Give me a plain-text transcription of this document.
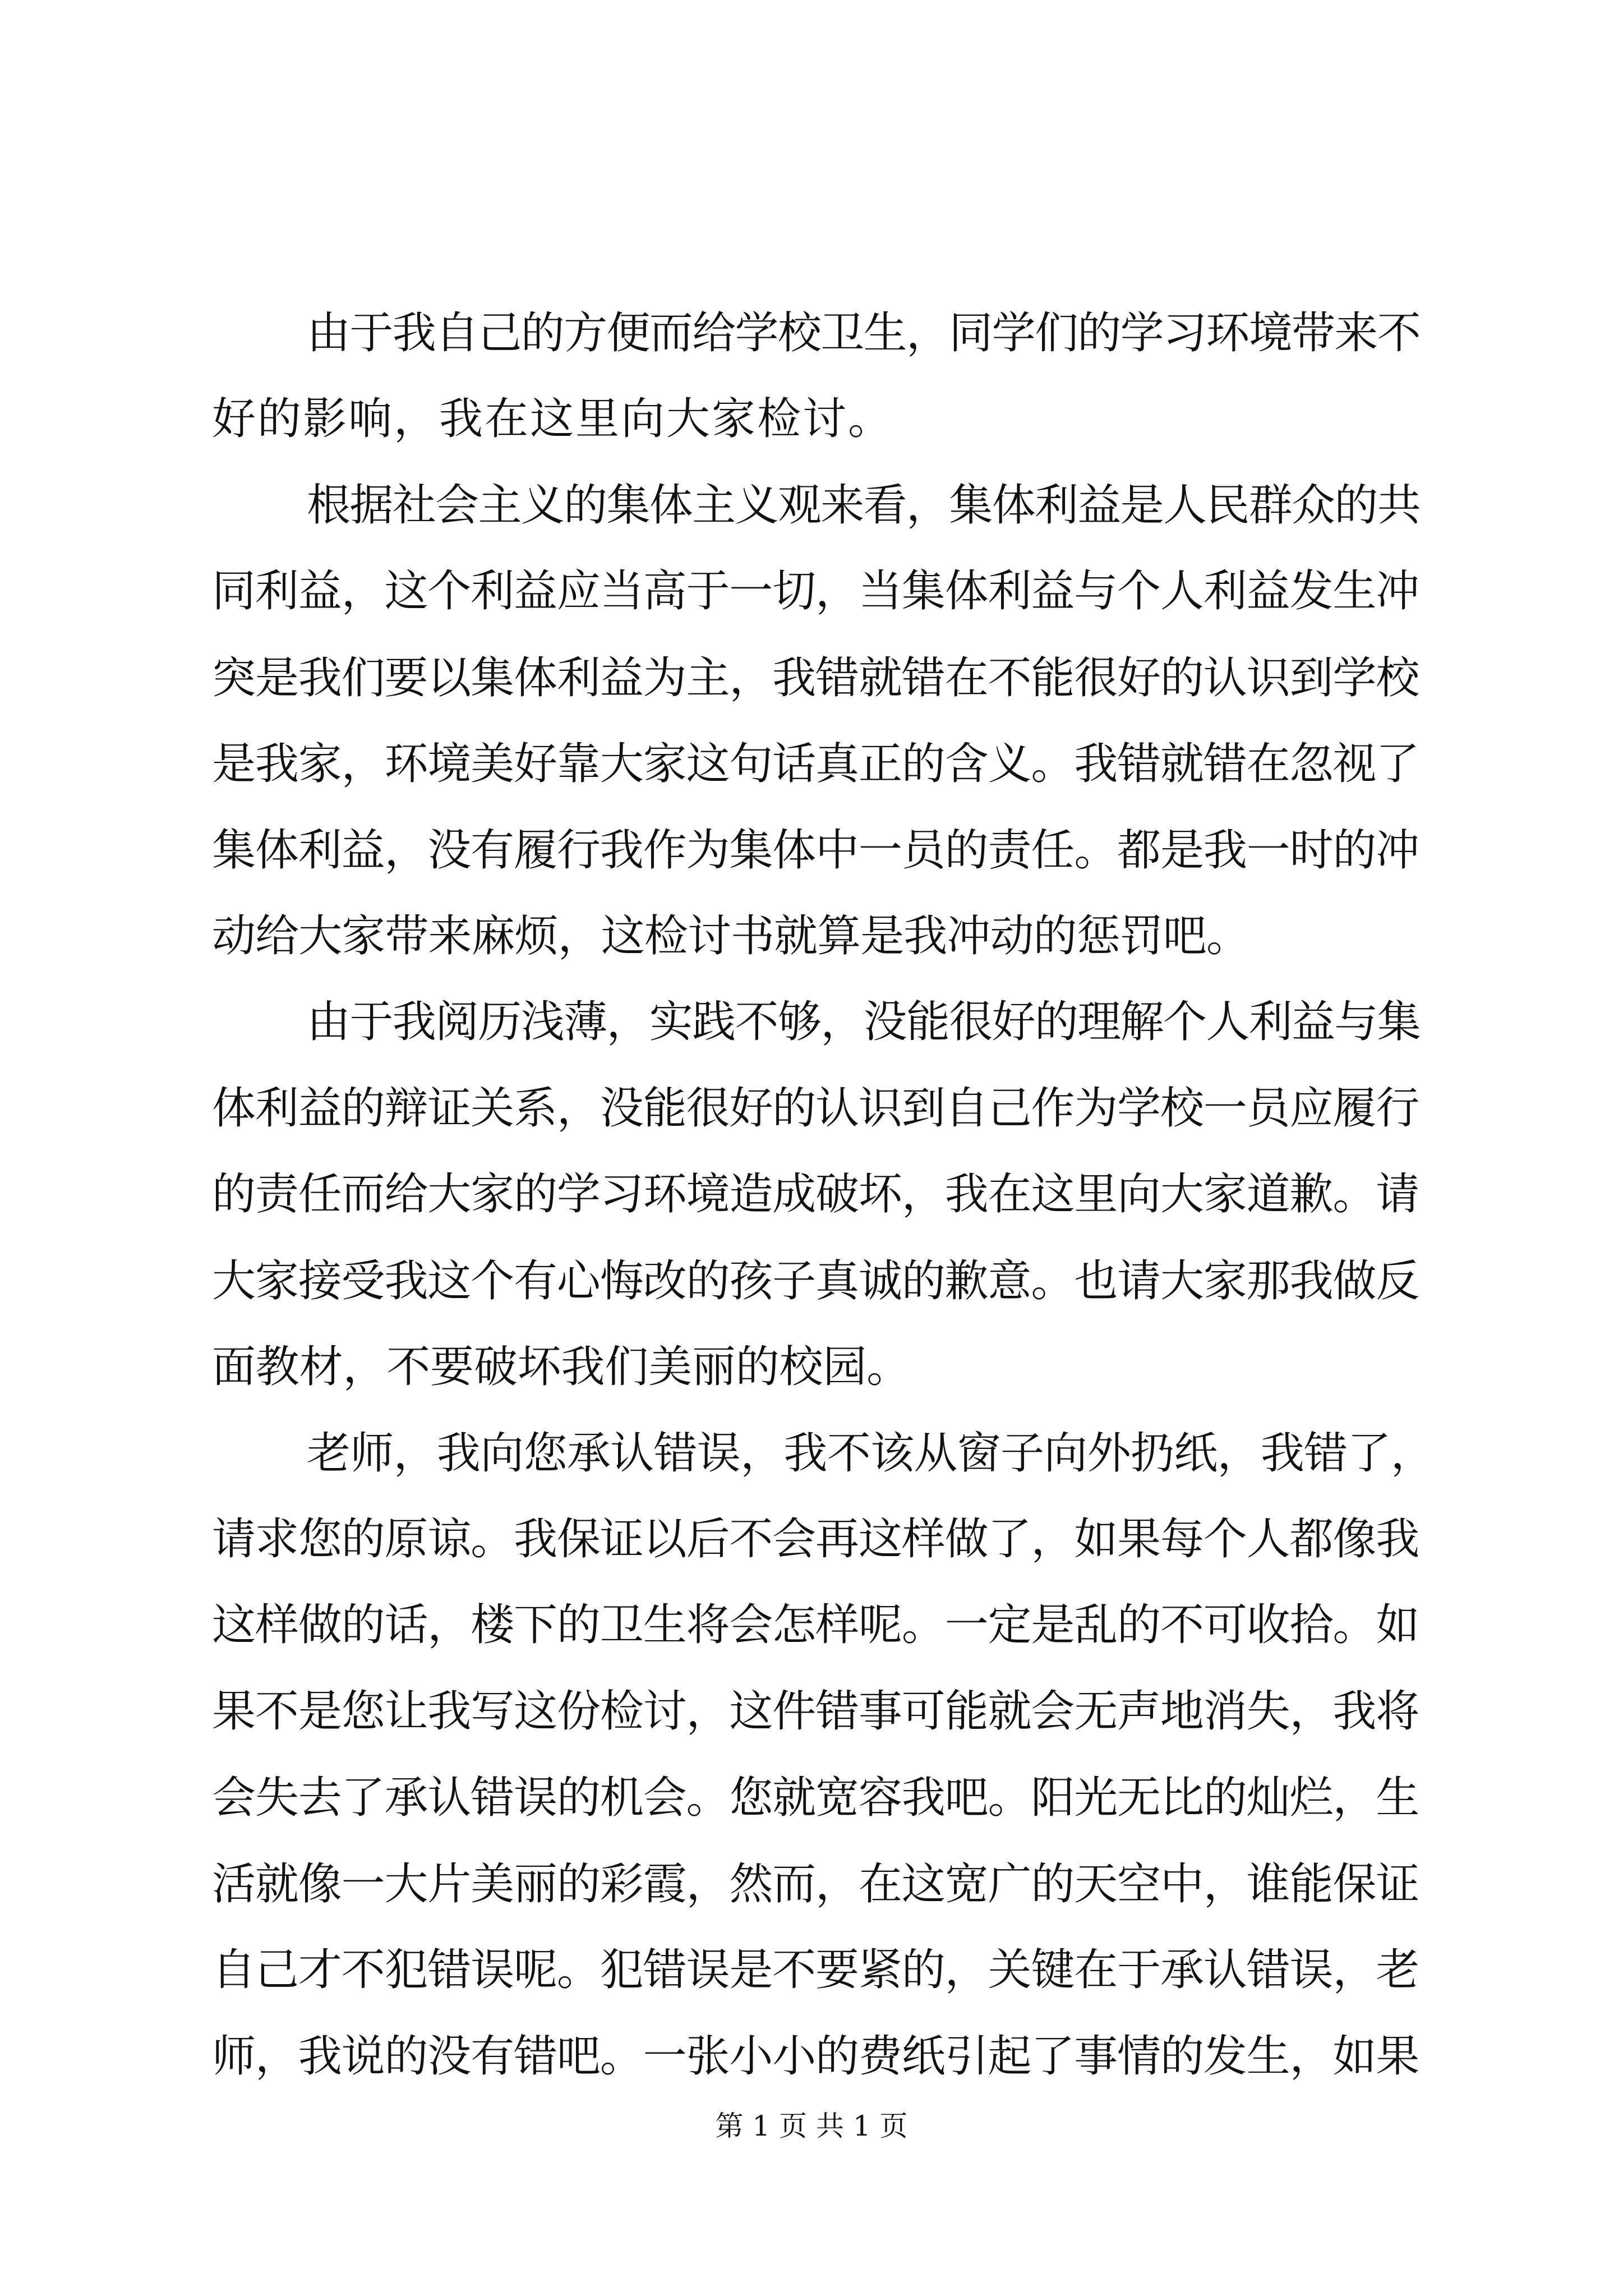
由于我自己的方便而给学校卫生，同学们的学习环境带来不

好的影响，我在这里向大家检讨。

根据社会主义的集体主义观来看，集体利益是人民群众的共

同利益，这个利益应当高于一切，当集体利益与个人利益发生冲

突是我们要以集体利益为主，我错就错在不能很好的认识到学校

是我家，环境美好靠大家这句话真正的含义。我错就错在忽视了

集体利益，没有履行我作为集体中一员的责任。都是我一时的冲

动给大家带来麻烦，这检讨书就算是我冲动的惩罚吧。

由于我阅历浅薄，实践不够，没能很好的理解个人利益与集

体利益的辩证关系，没能很好的认识到自己作为学校一员应履行

的责任而给大家的学习环境造成破坏，我在这里向大家道歉。请

大家接受我这个有心悔改的孩子真诚的歉意。也请大家那我做反

面教材，不要破坏我们美丽的校园。

老师，我向您承认错误，我不该从窗子向外扔纸，我错了，

请求您的原谅。我保证以后不会再这样做了，如果每个人都像我

这样做的话，楼下的卫生将会怎样呢。一定是乱的不可收拾。如

果不是您让我写这份检讨，这件错事可能就会无声地消失，我将

会失去了承认错误的机会。您就宽容我吧。阳光无比的灿烂，生

活就像一大片美丽的彩霞，然而，在这宽广的天空中，谁能保证

自己才不犯错误呢。犯错误是不要紧的，关键在于承认错误，老

师，我说的没有错吧。一张小小的费纸引起了事情的发生，如果

第 1 页 共 1 页
